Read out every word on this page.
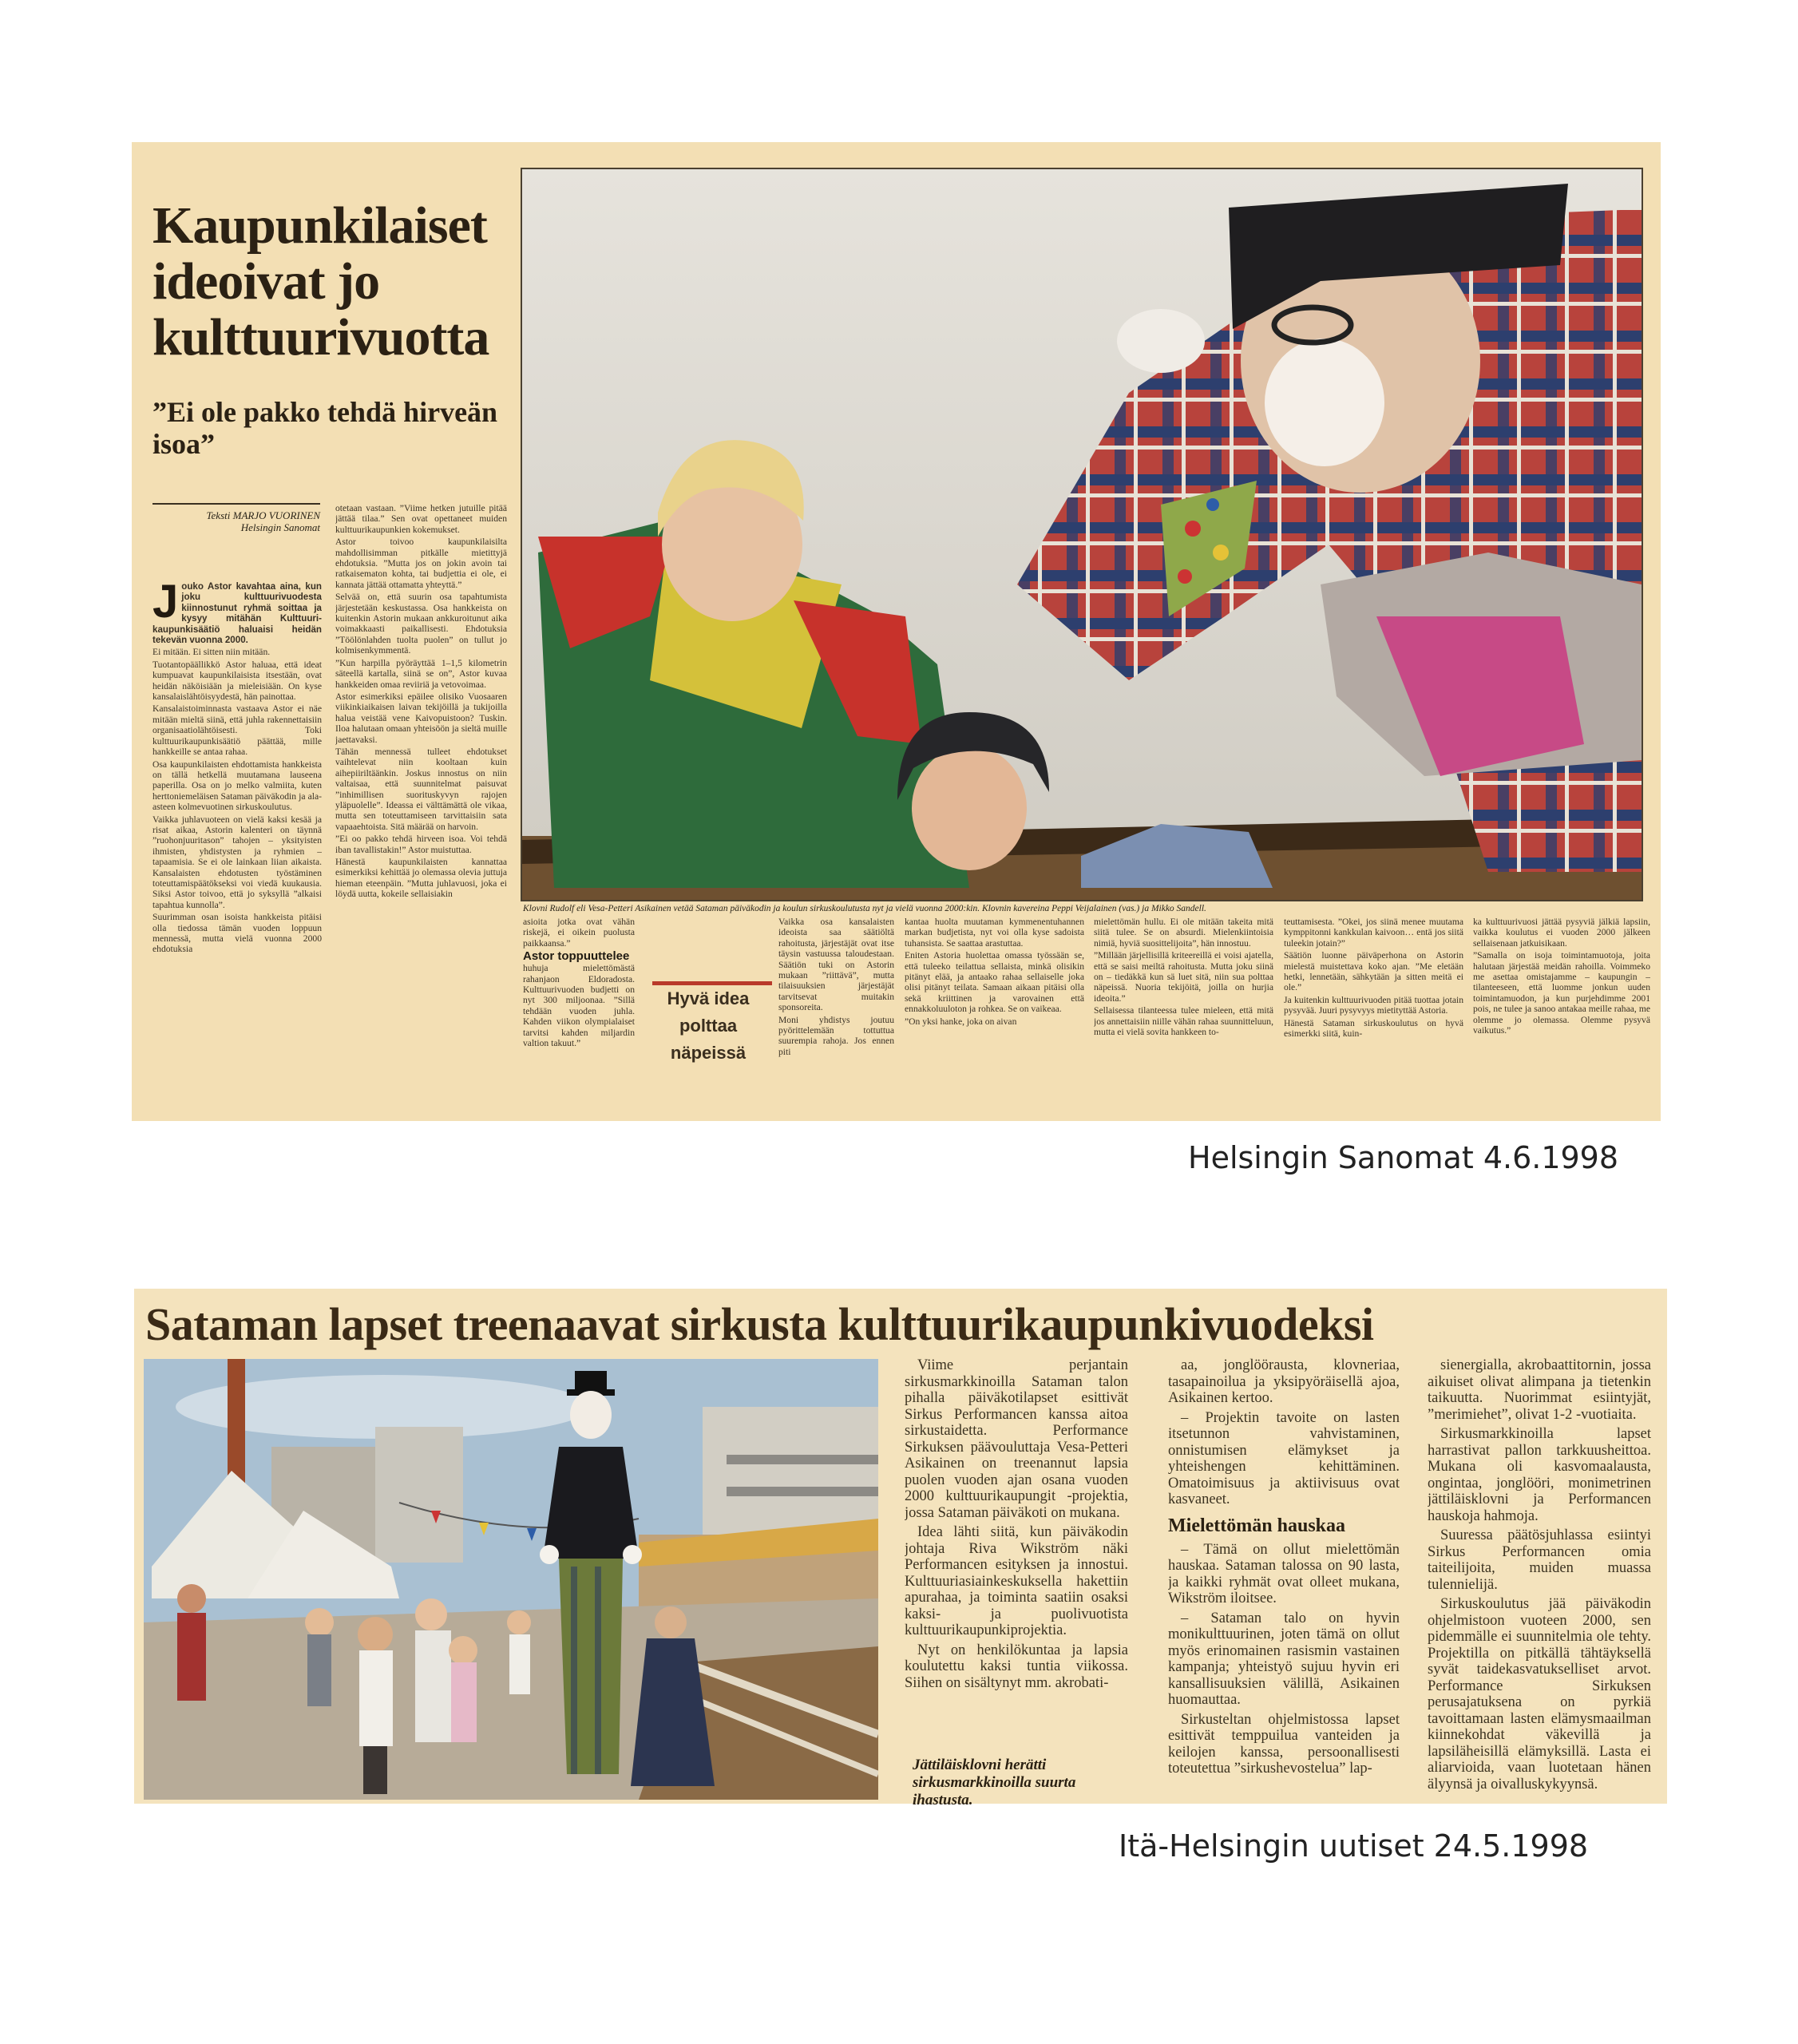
Kaupunkilaiset ideoivat jo kulttuurivuotta
”Ei ole pakko tehdä hirveän isoa”
Teksti MARJO VUORINEN
Helsingin Sanomat

Jouko Astor kavahtaa aina, kun joku kulttuurivuodesta kiinnostunut ryhmä soittaa ja kysyy mitähän Kulttuuri-kaupunkisäätiö haluaisi heidän tekevän vuonna 2000.

Ei mitään. Ei sitten niin mitään.

Tuotantopäällikkö Astor haluaa, että ideat kumpuavat kaupunkilaisista itsestään, ovat heidän näköisiään ja mieleisiään. On kyse kansalaislähtöisyydestä, hän painottaa.

Kansalaistoiminnasta vastaava Astor ei näe mitään mieltä siinä, että juhla rakennettaisiin organisaatiolähtöisesti. Toki kulttuurikaupunkisäätiö päättää, mille hankkeille se antaa rahaa.

Osa kaupunkilaisten ehdottamista hankkeista on tällä hetkellä muutamana lauseena paperilla. Osa on jo melko valmiita, kuten herttoniemeläisen Sataman päiväkodin ja ala-asteen kolmevuotinen sirkuskoulutus.

Vaikka juhlavuoteen on vielä kaksi kesää ja risat aikaa, Astorin kalenteri on täynnä ”ruohonjuuritason” tahojen – yksityisten ihmisten, yhdistysten ja ryhmien – tapaamisia. Se ei ole lainkaan liian aikaista. Kansalaisten ehdotusten työstäminen toteuttamispäätökseksi voi viedä kuukausia. Siksi Astor toivoo, että jo syksyllä ”alkaisi tapahtua kunnolla”.

Suurimman osan isoista hankkeista pitäisi olla tiedossa tämän vuoden loppuun mennessä, mutta vielä vuonna 2000 ehdotuksia

otetaan vastaan. ”Viime hetken jutuille pitää jättää tilaa.” Sen ovat opettaneet muiden kulttuurikaupunkien kokemukset.

Astor toivoo kaupunkilaisilta mahdollisimman pitkälle mietittyjä ehdotuksia. ”Mutta jos on jokin avoin tai ratkaisematon kohta, tai budjettia ei ole, ei kannata jättää ottamatta yhteyttä.”

Selvää on, että suurin osa tapahtumista järjestetään keskustassa. Osa hankkeista on kuitenkin Astorin mukaan ankkuroitunut aika voimakkaasti paikallisesti. Ehdotuksia ”Töölönlahden tuolta puolen” on tullut jo kolmisenkymmentä.

”Kun harpilla pyöräyttää 1–1,5 kilometrin säteellä kartalla, siinä se on”, Astor kuvaa hankkeiden omaa reviiriä ja vetovoimaa.

Astor esimerkiksi epäilee olisiko Vuosaaren viikinkiaikaisen laivan tekijöillä ja tukijoilla halua veistää vene Kaivopuistoon? Tuskin. Iloa halutaan omaan yhteisöön ja sieltä muille jaettavaksi.

Tähän mennessä tulleet ehdotukset vaihtelevat niin kooltaan kuin aihepiiriltäänkin. Joskus innostus on niin valtaisaa, että suunnitelmat paisuvat ”inhimillisen suorituskyvyn rajojen yläpuolelle”. Ideassa ei välttämättä ole vikaa, mutta sen toteuttamiseen tarvittaisiin sata vapaaehtoista. Sitä määrää on harvoin.

”Ei oo pakko tehdä hirveen isoa. Voi tehdä iban tavallistakin!” Astor muistuttaa.

Hänestä kaupunkilaisten kannattaa esimerkiksi kehittää jo olemassa olevia juttuja hieman eteenpäin. ”Mutta juhlavuosi, joka ei löydä uutta, kokeile sellaisiakin

Klovni Rudolf eli Vesa-Petteri Asikainen vetää Sataman päiväkodin ja koulun sirkuskoulutusta nyt ja vielä vuonna 2000:kin. Klovnin kavereina Peppi Veijalainen (vas.) ja Mikko Sandell.

asioita jotka ovat vähän riskejä, ei oikein puolusta paikkaansa.”

Astor toppuuttelee

huhuja mielettömästä rahanjaon Eldoradosta. Kulttuurivuoden budjetti on nyt 300 miljoonaa. ”Sillä tehdään vuoden juhla. Kahden viikon olympialaiset tarvitsi kahden miljardin valtion takuut.”

Hyvä idea
polttaa
näpeissä

Vaikka osa kansalaisten ideoista saa säätiöltä rahoitusta, järjestäjät ovat itse täysin vastuussa taloudestaan. Säätiön tuki on Astorin mukaan ”riittävä”, mutta tilaisuuksien järjestäjät tarvitsevat muitakin sponsoreita.

Moni yhdistys joutuu pyörittelemään tottuttua suurempia rahoja. Jos ennen piti

kantaa huolta muutaman kymmenentuhannen markan budjetista, nyt voi olla kyse sadoista tuhansista. Se saattaa arastuttaa.

Eniten Astoria huolettaa omassa työssään se, että tuleeko teilattua sellaista, minkä olisikin pitänyt elää, ja antaako rahaa sellaiselle joka olisi pitänyt teilata. Samaan aikaan pitäisi olla sekä kriittinen ja varovainen että ennakkoluuloton ja rohkea. Se on vaikeaa.

”On yksi hanke, joka on aivan

mielettömän hullu. Ei ole mitään takeita mitä siitä tulee. Se on absurdi. Mielenkiintoisia nimiä, hyviä suosittelijoita”, hän innostuu.

”Millään järjellisillä kriteereillä ei voisi ajatella, että se saisi meiltä rahoitusta. Mutta joku siinä on – tiedäkkä kun sä luet sitä, niin sua polttaa näpeissä. Nuoria tekijöitä, joilla on hurjia ideoita.”

Sellaisessa tilanteessa tulee mieleen, että mitä jos annettaisiin niille vähän rahaa suunnitteluun, mutta ei vielä sovita hankkeen to-

teuttamisesta. ”Okei, jos siinä menee muutama kymppitonni kankkulan kaivoon… entä jos siitä tuleekin jotain?”

Säätiön luonne päiväperhona on Astorin mielestä muistettava koko ajan. ”Me eletään hetki, lennetään, sähkytään ja sitten meitä ei ole.”

Ja kuitenkin kulttuurivuoden pitää tuottaa jotain pysyvää. Juuri pysyvyys mietityttää Astoria.

Hänestä Sataman sirkuskoulutus on hyvä esimerkki siitä, kuin-

ka kulttuurivuosi jättää pysyviä jälkiä lapsiin, vaikka koulutus ei vuoden 2000 jälkeen sellaisenaan jatkuisikaan.

”Samalla on isoja toimintamuotoja, joita halutaan järjestää meidän rahoilla. Voimmeko me asettaa omistajamme – kaupungin – tilanteeseen, että luomme jonkun uuden toimintamuodon, ja kun purjehdimme 2001 pois, ne tulee ja sanoo antakaa meille rahaa, me olemme jo olemassa. Olemme pysyvä vaikutus.”

Helsingin Sanomat 4.6.1998
Sataman lapset treenaavat sirkusta kulttuurikaupunkivuodeksi

Viime perjantain sirkusmarkkinoilla Sataman talon pihalla päiväkotilapset esittivät Sirkus Performancen kanssa aitoa sirkustaidetta. Performance Sirkuksen päävouluttaja Vesa-Petteri Asikainen on treenannut lapsia puolen vuoden ajan osana vuoden 2000 kulttuurikaupungit -projektia, jossa Sataman päiväkoti on mukana.

Idea lähti siitä, kun päiväkodin johtaja Riva Wikström näki Performancen esityksen ja innostui. Kulttuuriasiainkeskuksella hakettiin apurahaa, ja toiminta saatiin osaksi kaksi- ja puolivuotista kulttuurikaupunkiprojektia.

Nyt on henkilökuntaa ja lapsia koulutettu kaksi tuntia viikossa. Siihen on sisältynyt mm. akrobati-

Jättiläisklovni herätti sirkusmarkkinoilla suurta ihastusta.

aa, jonglöörausta, klovneriaa, tasapainoilua ja yksipyöräisellä ajoa, Asikainen kertoo.

– Projektin tavoite on lasten itsetunnon vahvistaminen, onnistumisen elämykset ja yhteishengen kehittäminen. Omatoimisuus ja aktiivisuus ovat kasvaneet.

Mielettömän hauskaa

– Tämä on ollut mielettömän hauskaa. Sataman talossa on 90 lasta, ja kaikki ryhmät ovat olleet mukana, Wikström iloitsee.

– Sataman talo on hyvin monikulttuurinen, joten tämä on ollut myös erinomainen rasismin vastainen kampanja; yhteistyö sujuu hyvin eri kansallisuuksien välillä, Asikainen huomauttaa.

Sirkusteltan ohjelmistossa lapset esittivät temppuilua vanteiden ja keilojen kanssa, persoonallisesti toteutettua ”sirkushevostelua” lap-

sienergialla, akrobaattitornin, jossa aikuiset olivat alimpana ja tietenkin taikuutta. Nuorimmat esiintyjät, ”merimiehet”, olivat 1-2 -vuotiaita.

Sirkusmarkkinoilla lapset harrastivat pallon tarkkuusheittoa. Mukana oli kasvomaalausta, ongintaa, jonglööri, monimetrinen jättiläisklovni ja Performancen hauskoja hahmoja.

Suuressa päätösjuhlassa esiintyi Sirkus Performancen omia taiteilijoita, muiden muassa tulennielijä.

Sirkuskoulutus jää päiväkodin ohjelmistoon vuoteen 2000, sen pidemmälle ei suunnitelmia ole tehty. Projektilla on pitkällä tähtäyksellä syvät taidekasvatukselliset arvot. Performance Sirkuksen perusajatuksena on pyrkiä tavoittamaan lasten elämysmaailman kiinnekohdat väkevillä ja lapsiläheisillä elämyksillä. Lasta ei aliarvioida, vaan luotetaan hänen älyynsä ja oivalluskykyynsä.

Itä-Helsingin uutiset 24.5.1998
